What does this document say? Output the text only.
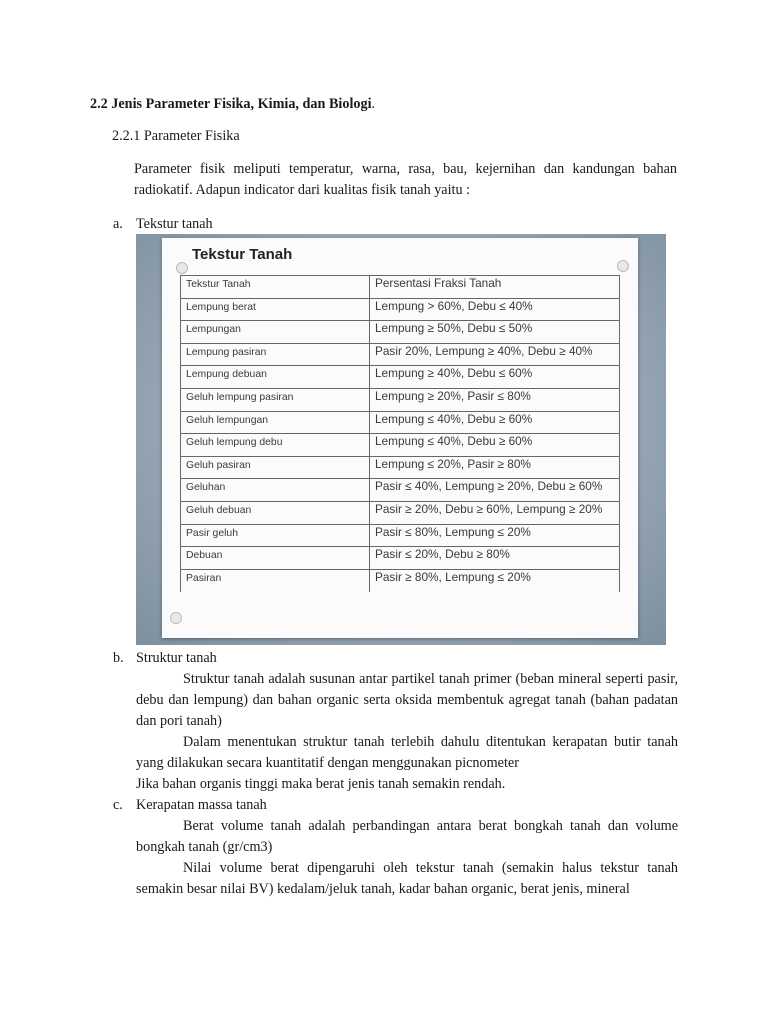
2.2 Jenis Parameter Fisika, Kimia, dan Biologi.

2.2.1 Parameter Fisika

Parameter fisik meliputi temperatur, warna, rasa, bau, kejernihan dan kandungan bahan radiokatif. Adapun indicator dari kualitas fisik tanah yaitu :

a. Tekstur tanah

Tekstur Tanah
Tekstur Tanah	Persentasi Fraksi Tanah
Lempung berat	Lempung > 60%, Debu ≤ 40%
Lempungan	Lempung ≥ 50%, Debu ≤ 50%
Lempung pasiran	Pasir 20%, Lempung ≥ 40%, Debu ≥ 40%
Lempung debuan	Lempung ≥ 40%, Debu ≤ 60%
Geluh lempung pasiran	Lempung ≥ 20%, Pasir ≤ 80%
Geluh lempungan	Lempung ≤ 40%, Debu ≥ 60%
Geluh lempung debu	Lempung ≤ 40%, Debu ≥ 60%
Geluh pasiran	Lempung ≤ 20%, Pasir ≥ 80%
Geluhan	Pasir ≤ 40%, Lempung ≥ 20%, Debu ≥ 60%
Geluh debuan	Pasir ≥ 20%, Debu ≥ 60%, Lempung ≥ 20%
Pasir geluh	Pasir ≤ 80%, Lempung ≤ 20%
Debuan	Pasir ≤ 20%, Debu ≥ 80%
Pasiran	Pasir ≥ 80%, Lempung ≤ 20%
b. Struktur tanah

Struktur tanah adalah susunan antar partikel tanah primer (beban mineral seperti pasir, debu dan lempung) dan bahan organic serta oksida membentuk agregat tanah (bahan padatan dan pori tanah)

Dalam menentukan struktur tanah terlebih dahulu ditentukan kerapatan butir tanah yang dilakukan secara kuantitatif dengan menggunakan picnometer

Jika bahan organis tinggi maka berat jenis tanah semakin rendah.

c. Kerapatan massa tanah

Berat volume tanah adalah perbandingan antara berat bongkah tanah dan volume bongkah tanah (gr/cm3)

Nilai volume berat dipengaruhi oleh tekstur tanah (semakin halus tekstur tanah semakin besar nilai BV) kedalam/jeluk tanah, kadar bahan organic, berat jenis, mineral
